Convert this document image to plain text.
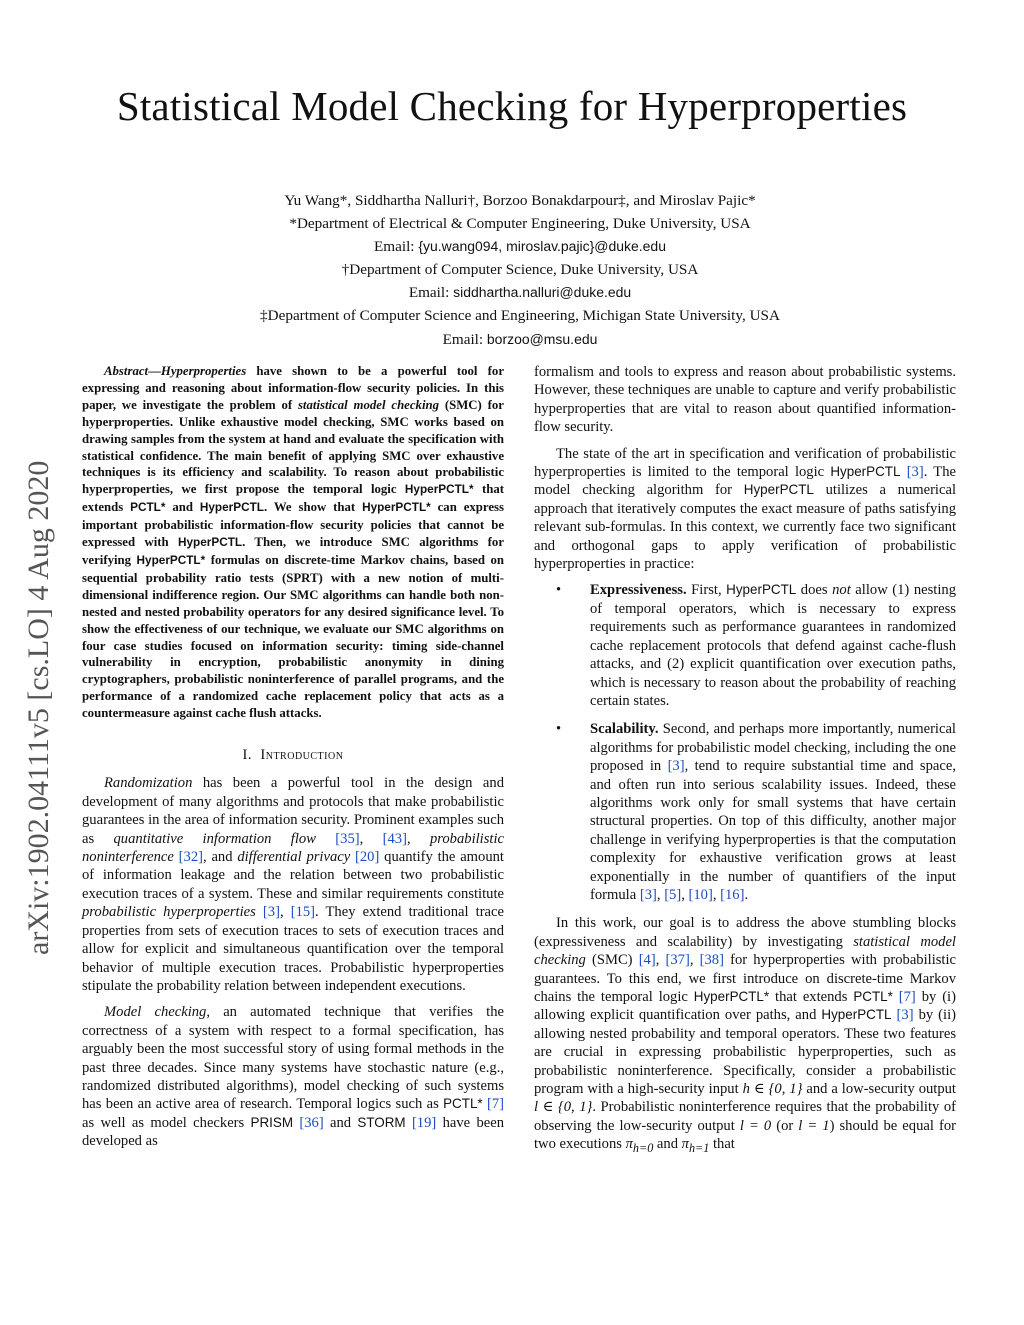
Statistical Model Checking for Hyperproperties
Yu Wang*, Siddhartha Nalluri†, Borzoo Bonakdarpour‡, and Miroslav Pajic*
*Department of Electrical & Computer Engineering, Duke University, USA
Email: {yu.wang094, miroslav.pajic}@duke.edu
†Department of Computer Science, Duke University, USA
Email: siddhartha.nalluri@duke.edu
‡Department of Computer Science and Engineering, Michigan State University, USA
Email: borzoo@msu.edu
arXiv:1902.04111v5 [cs.LO] 4 Aug 2020

Abstract—Hyperproperties have shown to be a powerful tool for expressing and reasoning about information-flow security policies. In this paper, we investigate the problem of statistical model checking (SMC) for hyperproperties. Unlike exhaustive model checking, SMC works based on drawing samples from the system at hand and evaluate the specification with statistical confidence. The main benefit of applying SMC over exhaustive techniques is its efficiency and scalability. To reason about probabilistic hyperproperties, we first propose the temporal logic HyperPCTL* that extends PCTL* and HyperPCTL. We show that HyperPCTL* can express important probabilistic information-flow security policies that cannot be expressed with HyperPCTL. Then, we introduce SMC algorithms for verifying HyperPCTL* formulas on discrete-time Markov chains, based on sequential probability ratio tests (SPRT) with a new notion of multi-dimensional indifference region. Our SMC algorithms can handle both non-nested and nested probability operators for any desired significance level. To show the effectiveness of our technique, we evaluate our SMC algorithms on four case studies focused on information security: timing side-channel vulnerability in encryption, probabilistic anonymity in dining cryptographers, probabilistic noninterference of parallel programs, and the performance of a randomized cache replacement policy that acts as a countermeasure against cache flush attacks.

I. Introduction

Randomization has been a powerful tool in the design and development of many algorithms and protocols that make probabilistic guarantees in the area of information security. Prominent examples such as quantitative information flow [35], [43], probabilistic noninterference [32], and differential privacy [20] quantify the amount of information leakage and the relation between two probabilistic execution traces of a system. These and similar requirements constitute probabilistic hyperproperties [3], [15]. They extend traditional trace properties from sets of execution traces to sets of execution traces and allow for explicit and simultaneous quantification over the temporal behavior of multiple execution traces. Probabilistic hyperproperties stipulate the probability relation between independent executions.

Model checking, an automated technique that verifies the correctness of a system with respect to a formal specification, has arguably been the most successful story of using formal methods in the past three decades. Since many systems have stochastic nature (e.g., randomized distributed algorithms), model checking of such systems has been an active area of research. Temporal logics such as PCTL* [7] as well as model checkers PRISM [36] and STORM [19] have been developed as

formalism and tools to express and reason about probabilistic systems. However, these techniques are unable to capture and verify probabilistic hyperproperties that are vital to reason about quantified information-flow security.

The state of the art in specification and verification of probabilistic hyperproperties is limited to the temporal logic HyperPCTL [3]. The model checking algorithm for HyperPCTL utilizes a numerical approach that iteratively computes the exact measure of paths satisfying relevant sub-formulas. In this context, we currently face two significant and orthogonal gaps to apply verification of probabilistic hyperproperties in practice:

• Expressiveness. First, HyperPCTL does not allow (1) nesting of temporal operators, which is necessary to express requirements such as performance guarantees in randomized cache replacement protocols that defend against cache-flush attacks, and (2) explicit quantification over execution paths, which is necessary to reason about the probability of reaching certain states.
• Scalability. Second, and perhaps more importantly, numerical algorithms for probabilistic model checking, including the one proposed in [3], tend to require substantial time and space, and often run into serious scalability issues. Indeed, these algorithms work only for small systems that have certain structural properties. On top of this difficulty, another major challenge in verifying hyperproperties is that the computation complexity for exhaustive verification grows at least exponentially in the number of quantifiers of the input formula [3], [5], [10], [16].

In this work, our goal is to address the above stumbling blocks (expressiveness and scalability) by investigating statistical model checking (SMC) [4], [37], [38] for hyperproperties with probabilistic guarantees. To this end, we first introduce on discrete-time Markov chains the temporal logic HyperPCTL* that extends PCTL* [7] by (i) allowing explicit quantification over paths, and HyperPCTL [3] by (ii) allowing nested probability and temporal operators. These two features are crucial in expressing probabilistic hyperproperties, such as probabilistic noninterference. Specifically, consider a probabilistic program with a high-security input h ∈ {0, 1} and a low-security output l ∈ {0, 1}. Probabilistic noninterference requires that the probability of observing the low-security output l = 0 (or l = 1) should be equal for two executions $\pi_{h=0}$ and $\pi_{h=1}$ that
